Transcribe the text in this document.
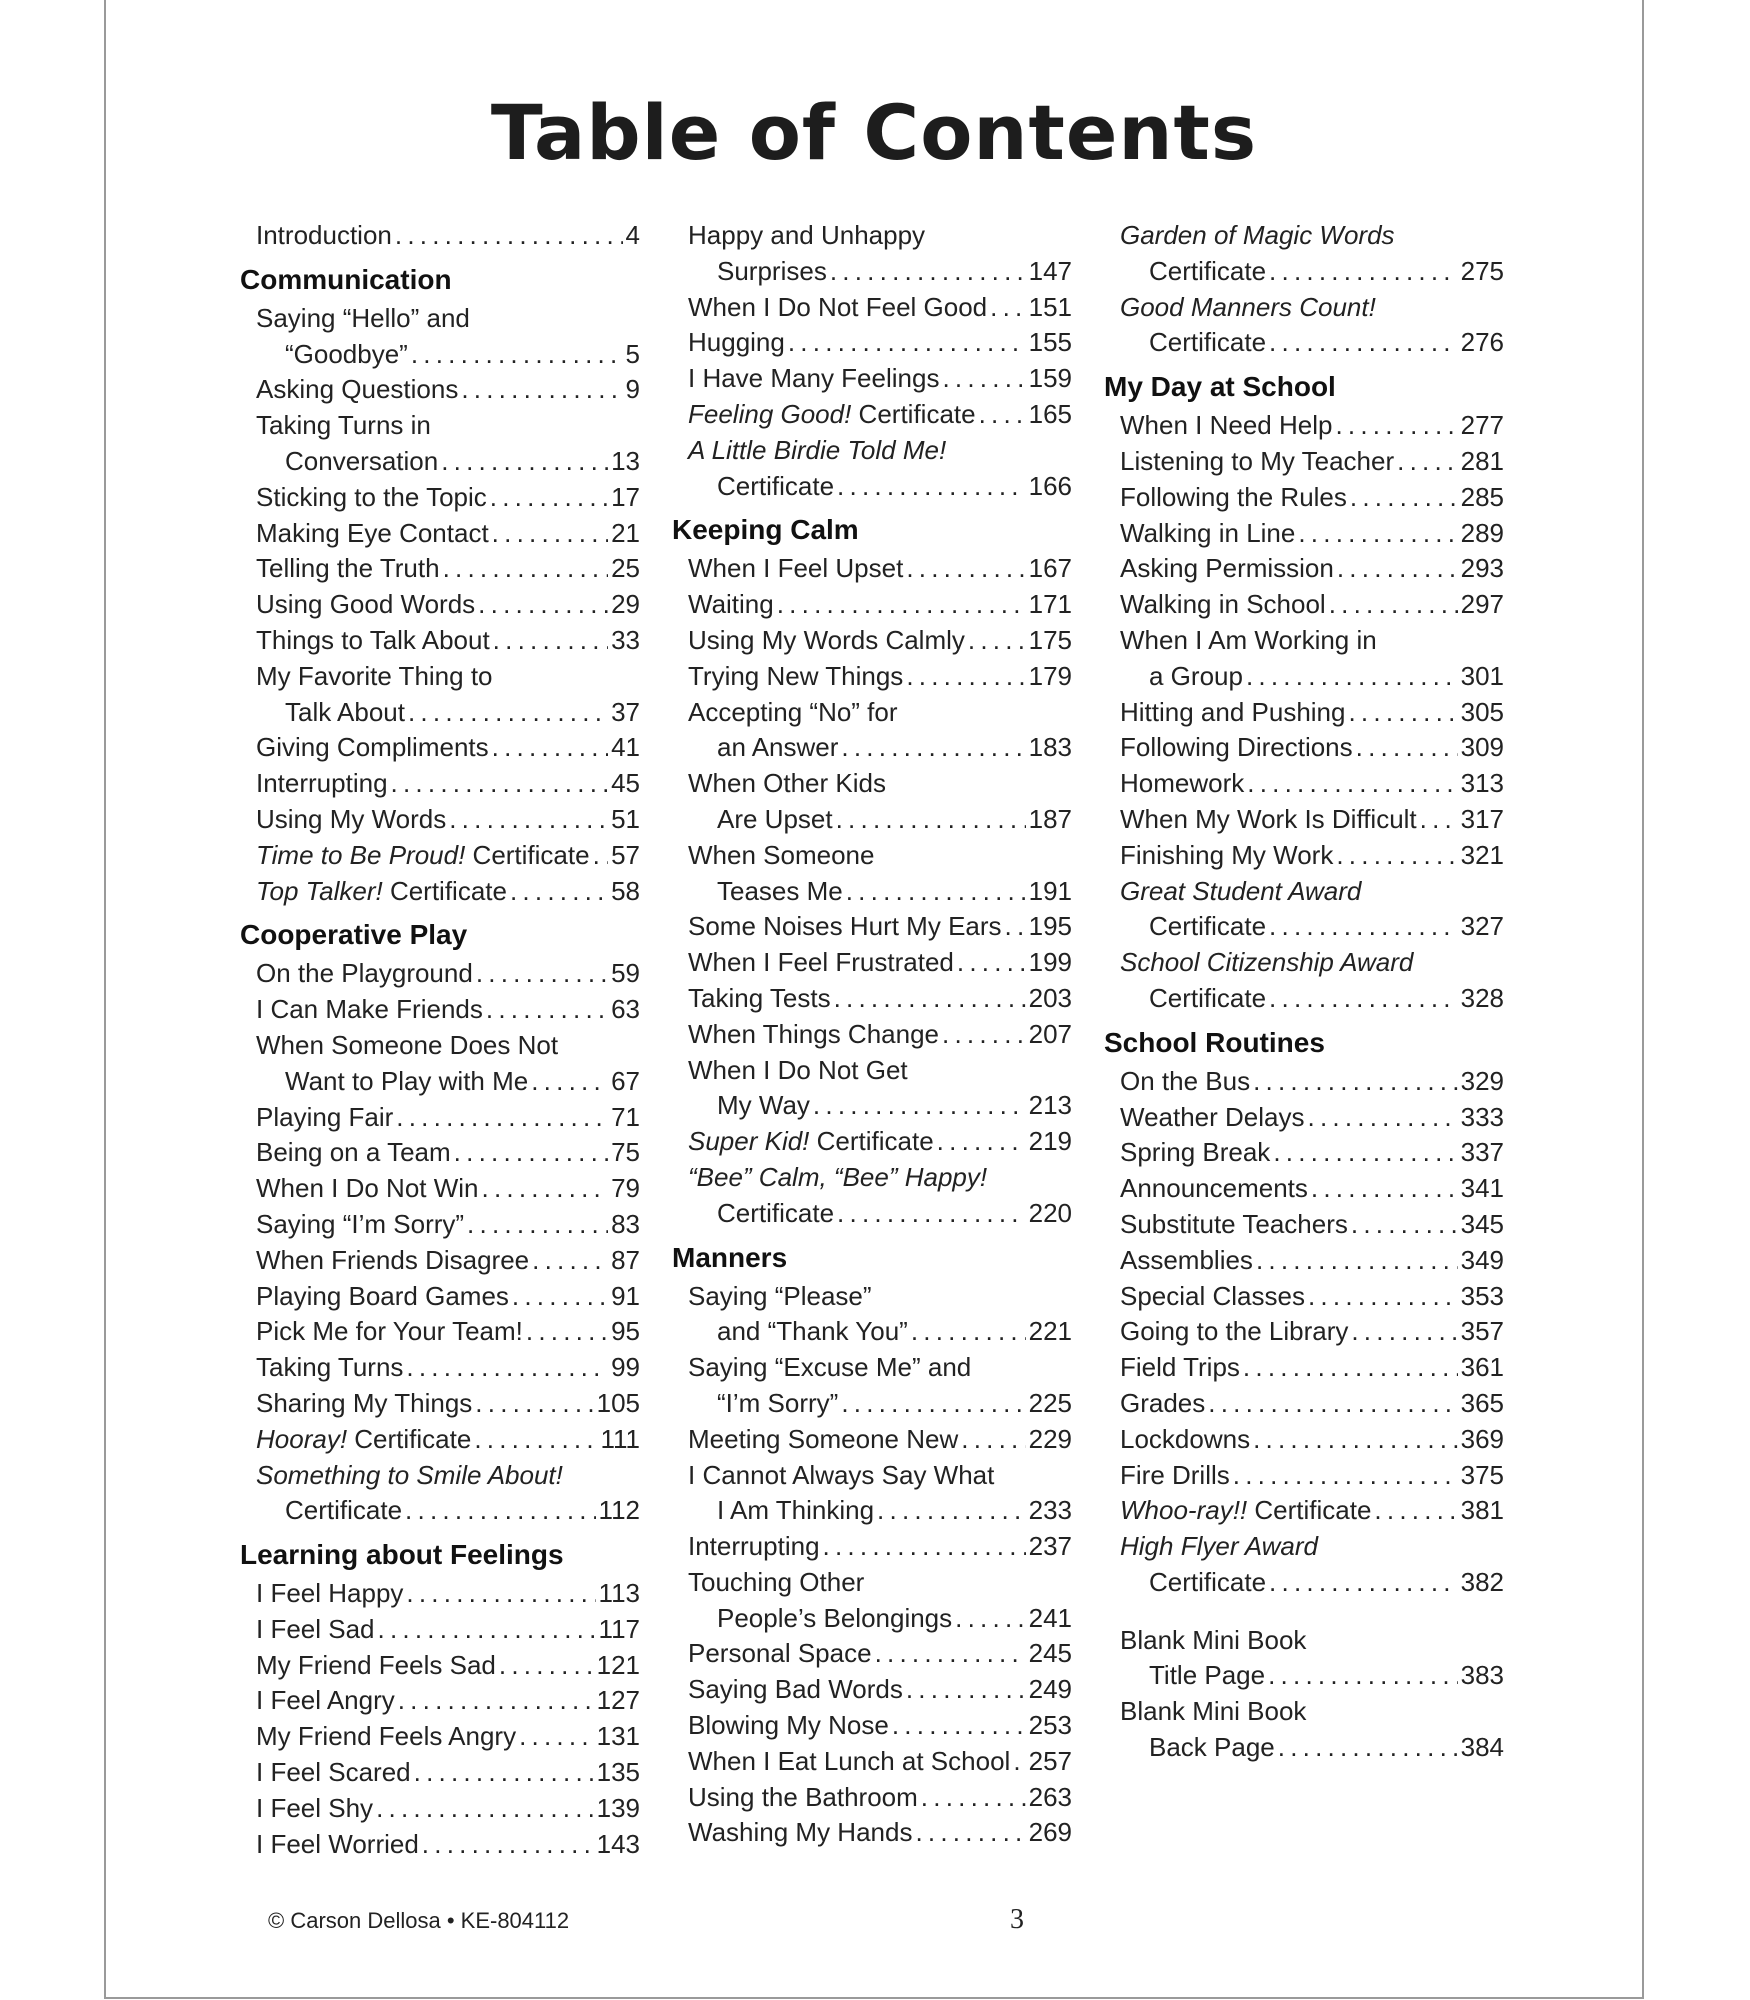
Table of Contents
Introduction . . .	4
Communication
Saying “Hello” and
“Goodbye” . . .	5
Asking Questions . . .	9
Taking Turns in
Conversation . . .	13
Sticking to the Topic . . .	17
Making Eye Contact . . .	21
Telling the Truth . . .	25
Using Good Words . . .	29
Things to Talk About . . .	33
My Favorite Thing to
Talk About . . .	37
Giving Compliments . . .	41
Interrupting . . .	45
Using My Words . . .	51
Time to Be Proud! Certificate . . . 57
Top Talker! Certificate . . .	58
Cooperative Play
On the Playground . . .	59
I Can Make Friends . . .	63
When Someone Does Not
Want to Play with Me . . .	67
Playing Fair . . .	71
Being on a Team . . .	75
When I Do Not Win . . .	79
Saying “I’m Sorry” . . .	83
When Friends Disagree . . .	87
Playing Board Games . . .	91
Pick Me for Your Team! . . .	95
Taking Turns . . .	99
Sharing My Things . . .	105
Hooray! Certificate . . .	111
Something to Smile About!
Certificate . . .	112
Learning about Feelings
I Feel Happy . . .	113
I Feel Sad . . .	117
My Friend Feels Sad . . .	121
I Feel Angry . . .	127
My Friend Feels Angry . . .	131
I Feel Scared . . .	135
I Feel Shy . . .	139
I Feel Worried . . .	143
Happy and Unhappy
Surprises . . .	147
When I Do Not Feel Good . . . 151
Hugging . . .	155
I Have Many Feelings . . .	159
Feeling Good! Certificate . . . 165
A Little Birdie Told Me!
Certificate . . .	166
Keeping Calm
When I Feel Upset . . .	167
Waiting . . .	171
Using My Words Calmly . . . 175
Trying New Things . . .	179
Accepting “No” for
an Answer . . .	183
When Other Kids
Are Upset . . .	187
When Someone
Teases Me . . .	191
Some Noises Hurt My Ears . . . 195
When I Feel Frustrated . . .	199
Taking Tests . . .	203
When Things Change . . .	207
When I Do Not Get
My Way . . .	213
Super Kid! Certificate . . .	219
“Bee” Calm, “Bee” Happy!
Certificate . . .	220
Manners
Saying “Please”
and “Thank You” . . .	221
Saying “Excuse Me” and
“I’m Sorry” . . .	225
Meeting Someone New . . .	229
I Cannot Always Say What
I Am Thinking . . .	233
Interrupting . . .	237
Touching Other
People’s Belongings . . .	241
Personal Space . . .	245
Saying Bad Words . . .	249
Blowing My Nose . . .	253
When I Eat Lunch at School . . . 257
Using the Bathroom . . .	263
Washing My Hands . . .	269
Garden of Magic Words
Certificate . . .	275
Good Manners Count!
Certificate . . .	276
My Day at School
When I Need Help . . .	277
Listening to My Teacher . . .	281
Following the Rules . . .	285
Walking in Line . . .	289
Asking Permission . . .	293
Walking in School . . .	297
When I Am Working in
a Group . . .	301
Hitting and Pushing . . .	305
Following Directions . . .	309
Homework . . .	313
When My Work Is Difficult . . . 317
Finishing My Work . . .	321
Great Student Award
Certificate . . .	327
School Citizenship Award
Certificate . . .	328
School Routines
On the Bus . . .	329
Weather Delays . . .	333
Spring Break . . .	337
Announcements . . .	341
Substitute Teachers . . .	345
Assemblies . . .	349
Special Classes . . .	353
Going to the Library . . .	357
Field Trips . . .	361
Grades . . .	365
Lockdowns . . .	369
Fire Drills . . .	375
Whoo-ray!! Certificate . . .	381
High Flyer Award
Certificate . . .	382
Blank Mini Book
Title Page . . .	383
Blank Mini Book
Back Page . . .	384
© Carson Dellosa • KE-804112	3
